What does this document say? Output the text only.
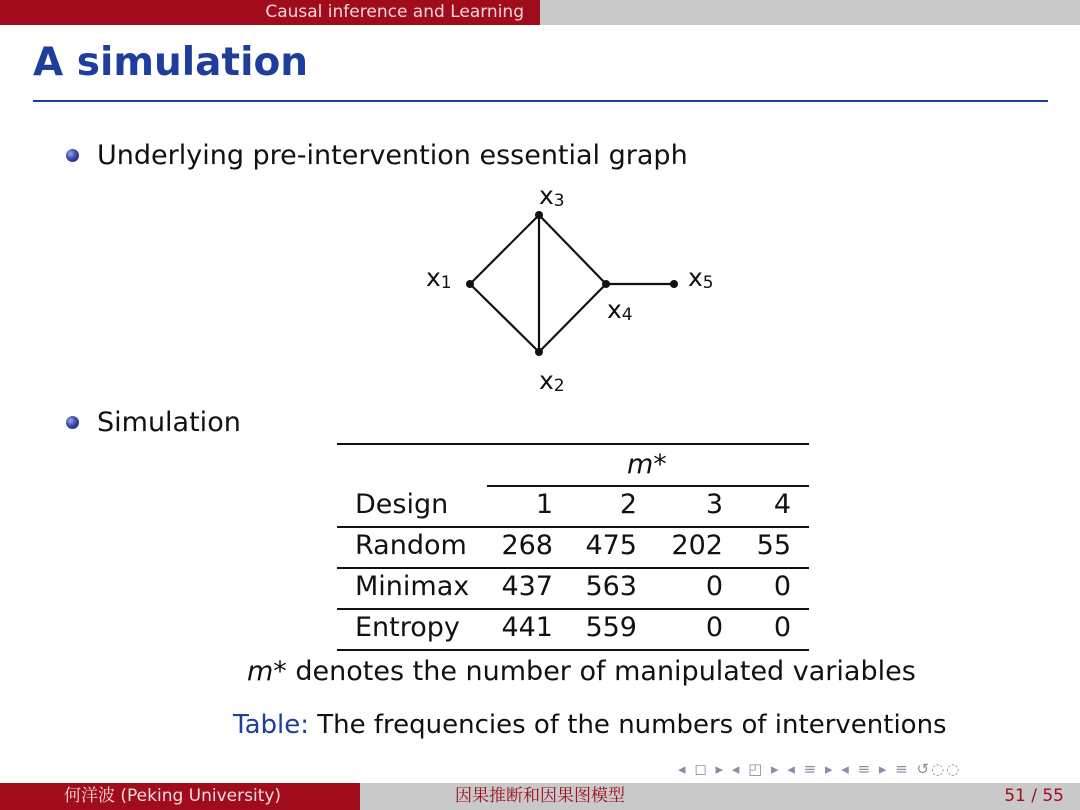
Causal inference and Learning
A simulation
Underlying pre-intervention essential graph
x1
x2
x3
x4
x5
Simulation
m*
Design	1	2	3	4
Random	268	475	202	55
Minimax	437	563	0	0
Entropy	441	559	0	0
m* denotes the number of manipulated variables
Table: The frequencies of the numbers of interventions
◂ ◻ ▸ ◂ ◰ ▸ ◂ ≡ ▸ ◂ ≡ ▸ ≡ ↺◌◌
何洋波 (Peking University)	因果推断和因果图模型	51 / 55
